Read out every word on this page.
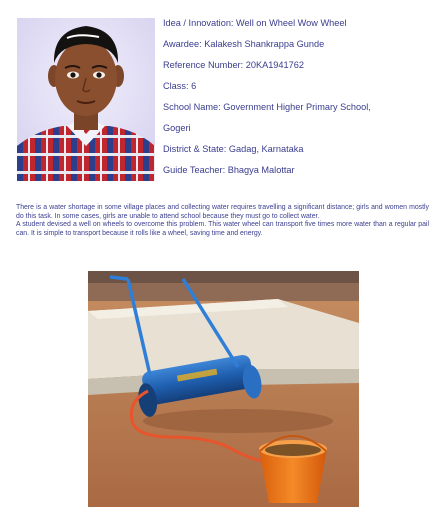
Idea / Innovation: Well on Wheel Wow Wheel
Awardee: Kalakesh Shankrappa Gunde
Reference Number: 20KA1941762
Class: 6
School Name: Government Higher Primary School,
Gogeri
District & State: Gadag, Karnataka
Guide Teacher: Bhagya Malottar

There is a water shortage in some village places and collecting water requires travelling a significant distance; girls and women mostly do this task. In some cases, girls are unable to attend school because they must go to collect water.

A student devised a well on wheels to overcome this problem. This water wheel can transport five times more water than a regular pail can. It is simple to transport because it rolls like a wheel, saving time and energy.
